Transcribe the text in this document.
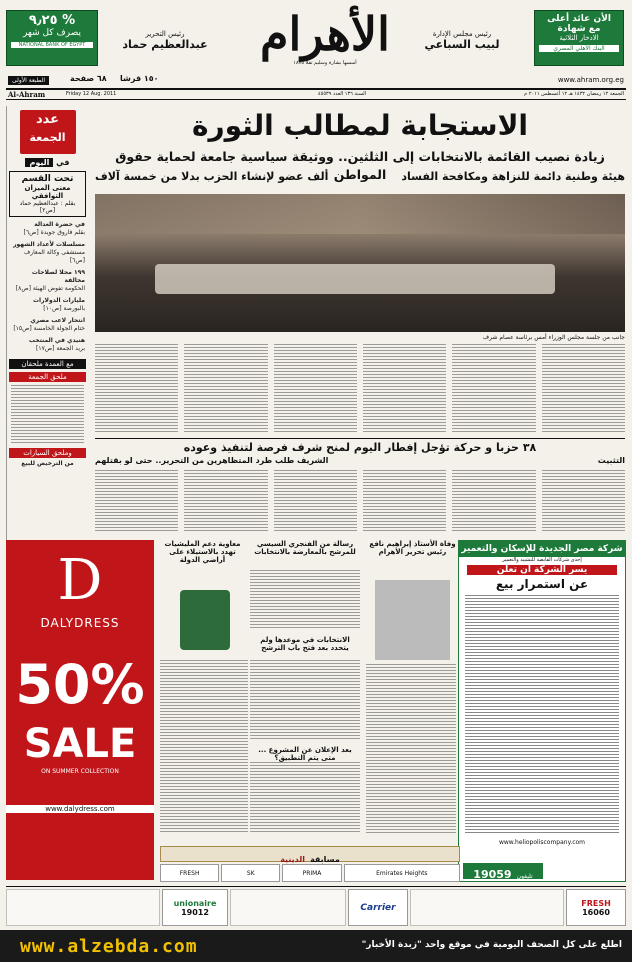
الأن عائد أعلى
مع شهادة
الادخار الثلاثية
البنك الأهلي المصري
رئيس مجلس الإدارة
لبيب السباعي
الأهرام
أسسها بشارة وسليم تقلا ١٨٧٥
رئيس التحرير
عبدالعظيم حماد
٩٫٢٥ %
يصرف كل شهر
NATIONAL BANK OF EGYPT
www.ahram.org.eg
الطبعة الأولى	٦٨ صفحة ١٥٠ قرشا
الجمعة ١٢ رمضان ١٤٣٢ هـ ١٢ أغسطس ٢٠١١ م
السنة ١٣٦ العدد ٤٥٥٣٩
Friday 12 Aug. 2011
Al-Ahram
عدد
الجمعة
في اليوم
تحت القسم
معنى الميزان التوافقي
بقلم : عبدالعظيم حماد
[ص٢]
في حضرة العدالة
بقلم فاروق جويدة [ص٦]
مسلسلات لأعداد الشهور
مستشفى وكالة المعارف [ص٦]
١٩٩ محلا لصلاحات مخالفة
الحكومة تفوض الهيئة [ص٨]
مليارات الدولارات
بالبورصة [ص١٠]
انتحار لاعب مصري
ختام الجولة الخامسة [ص١٥]
هنيدي في المنتخب
بريد الجمعة [ص١٧]
مع العمدة ملحقان
ملحق الجمعة
وملحق السيارات
من الترخيص للبيع
الاستجابة لمطالب الثورة
زيادة نصيب القائمة بالانتخابات إلى الثلثين.. ووثيقة سياسية جامعة لحماية حقوق المواطن	هيئة وطنية دائمة للنزاهة ومكافحة الفساد
ألف عضو لإنشاء الحزب بدلا من خمسة آلاف
جانب من جلسة مجلس الوزراء أمس برئاسة عصام شرف
٣٨ حزبا و حركة تؤجل إفطار اليوم لمنح شرف فرصة لتنفيذ وعوده
التثبيت
الشريف طلب طرد المتظاهرين من التحرير.. حتى لو بقتلهم
شركة مصر الجديدة للإسكان والتعمير
إحدى شركات القابضة للتشييد والتعمير
يسر الشركة أن تعلن
عن استمرار بيع
www.heliopoliscompany.com
تليفون 19059
D
DALYDRESS
50%
SALE
ON SUMMER COLLECTION
www.dalydress.com
وفاة الأستاذ إبراهيم نافع رئيس تحرير الأهرام
رسالة من الفنجري السيسي للمرشح بالمعارضة بالانتخابات
معاوية دعم المليشيات تهدد بالاستيلاء على أراضي الدولة
الانتخابات في موعدها ولم يتحدد بعد فتح باب الترشح
بعد الإعلان عن المشروع ... متى يتم التطبيق؟
مسابقة الدينية
Emirates Heights
PRIMA
SK
FRESH
FRESH
16060
Carrier
unionaire
19012
www.alzebda.com	اطلع على كل الصحف اليومية في موقع واحد "زبدة الأخبار"
